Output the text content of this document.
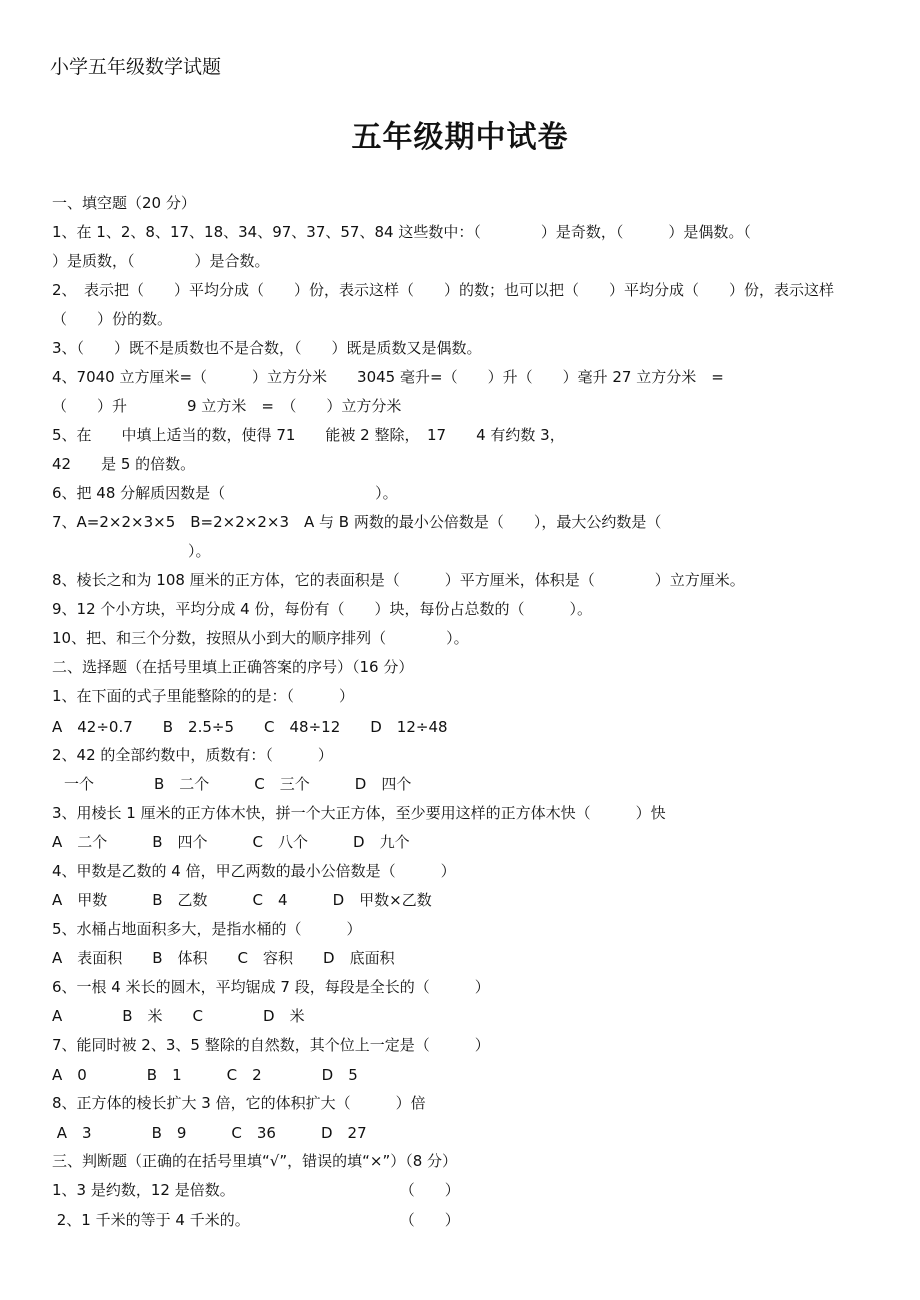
小学五年级数学试题
五年级期中试卷
一、填空题（20 分）
1、在 1、2、8、17、18、34、97、37、57、84 这些数中：（　　　　）是奇数，（　　　）是偶数。（
）是质数，（　　　　）是合数。
2、　表示把（　　）平均分成（　　）份，表示这样（　　）的数；也可以把（　　）平均分成（　　）份，表示这样
（　　）份的数。
3、（　　）既不是质数也不是合数，（　　）既是质数又是偶数。
4、7040 立方厘米=（　　　）立方分米　　3045 毫升=（　　）升（　　）毫升 27 立方分米　=
（　　）升　　　　9 立方米　=　（　　）立方分米
5、在　　中填上适当的数，使得 71　　能被 2 整除，　17　　4 有约数 3，
42　　是 5 的倍数。
6、把 48 分解质因数是（　　　　　　　　　　）。
7、A=2×2×3×5　B=2×2×2×3　A 与 B 两数的最小公倍数是（　　），最大公约数是（
）。
8、棱长之和为 108 厘米的正方体，它的表面积是（　　　）平方厘米，体积是（　　　　）立方厘米。
9、12 个小方块，平均分成 4 份，每份有（　　）块，每份占总数的（　　　）。
10、把、和三个分数，按照从小到大的顺序排列（　　　　）。
二、选择题（在括号里填上正确答案的序号）（16 分）
1、在下面的式子里能整除的的是：（　　　）
A　42÷0.7　　B　2.5÷5　　C　48÷12　　D　12÷48
2、42 的全部约数中，质数有：（　　　）
一个　　　　B　二个　　　C　三个　　　D　四个
3、用棱长 1 厘米的正方体木快，拼一个大正方体，至少要用这样的正方体木快（　　　）快
A　二个　　　B　四个　　　C　八个　　　D　九个
4、甲数是乙数的 4 倍，甲乙两数的最小公倍数是（　　　）
A　甲数　　　B　乙数　　　C　4　　　D　甲数×乙数
5、水桶占地面积多大，是指水桶的（　　　）
A　表面积　　B　体积　　C　容积　　D　底面积
6、一根 4 米长的圆木，平均锯成 7 段，每段是全长的（　　　）
A　　　　B　米　　C　　　　D　米
7、能同时被 2、3、5 整除的自然数，其个位上一定是（　　　）
A　0　　　　B　1　　　C　2　　　　D　5
8、正方体的棱长扩大 3 倍，它的体积扩大（　　　）倍
A　3　　　　B　9　　　C　36　　　D　27
三、判断题（正确的在括号里填“√”，错误的填“×”）（8 分）
1、3 是约数，12 是倍数。　　　　　　　　　　　　（　　）
2、1 千米的等于 4 千米的。　　　　　　　　　　　（　　）
